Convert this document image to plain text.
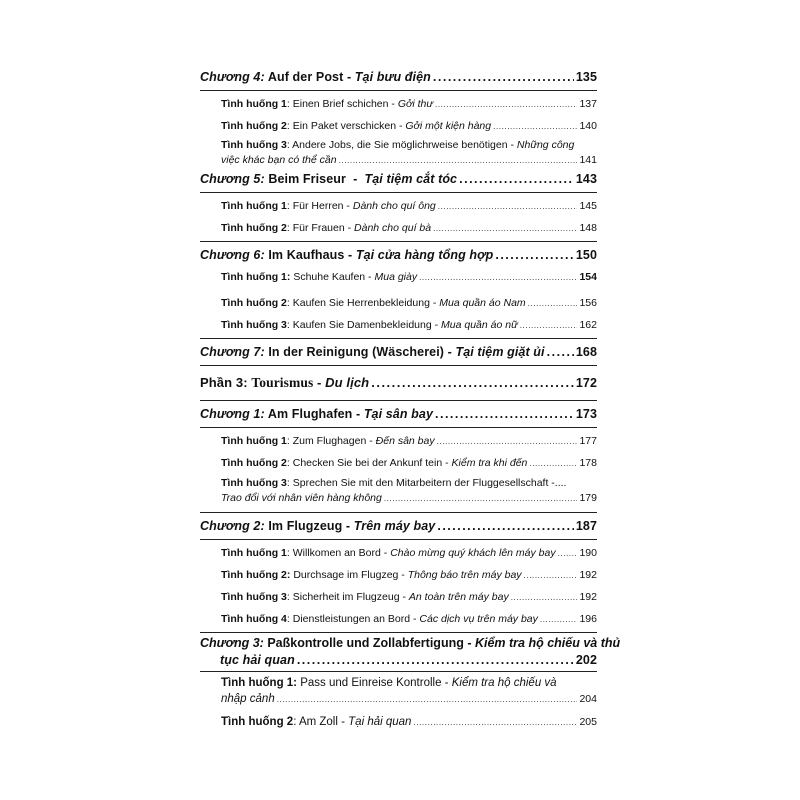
Chương 4: Auf der Post - Tại bưu điện .....	135
Tình huống 1: Einen Brief schichen - Gởi thư .....	137
Tình huống 2: Ein Paket verschicken - Gởi một kiện hàng .....	140
Tình huống 3: Andere Jobs, die Sie möglichrweise benötigen - Những công
việc khác bạn có thể cần .....	141
Chương 5: Beim Friseur  -  Tại tiệm cắt tóc .....	143
Tình huống 1: Für Herren - Dành cho quí ông .....	145
Tình huống 2: Für Frauen - Dành cho quí bà .....	148
Chương 6: Im Kaufhaus - Tại cửa hàng tổng hợp .....	150
Tình huống 1: Schuhe Kaufen - Mua giày .....	154
Tình huống 2: Kaufen Sie Herrenbekleidung - Mua quần áo Nam .....	156
Tình huống 3: Kaufen Sie Damenbekleidung - Mua quần áo nữ .....	162
Chương 7: In der Reinigung (Wäscherei) - Tại tiệm giặt ủi ..... 168
Phần 3: Tourismus - Du lịch .....	172
Chương 1: Am Flughafen - Tại sân bay .....	173
Tình huống 1: Zum Flughagen - Đến sân bay .....	177
Tình huống 2: Checken Sie bei der Ankunf tein - Kiểm tra khi đến .....	178
Tình huống 3: Sprechen Sie mit den Mitarbeitern der Fluggesellschaft -....
Trao đổi với nhân viên hàng không .....	179
Chương 2: Im Flugzeug - Trên máy bay .....	187
Tình huống 1: Willkomen an Bord - Chào mừng quý khách lên máy bay ..... 190
Tình huống 2: Durchsage im Flugzeg - Thông báo trên máy bay .....	192
Tình huống 3: Sicherheit im Flugzeug - An toàn trên máy bay .....	192
Tình huống 4: Dienstleistungen an Bord - Các dịch vụ trên máy bay .....	196
Chương 3: Paßkontrolle und Zollabfertigung - Kiểm tra hộ chiếu và thủ
tục hải quan .....	202
Tình huống 1: Pass und Einreise Kontrolle - Kiểm tra hộ chiếu và
nhập cảnh .....	204
Tình huống 2: Am Zoll - Tại hải quan .....	205
